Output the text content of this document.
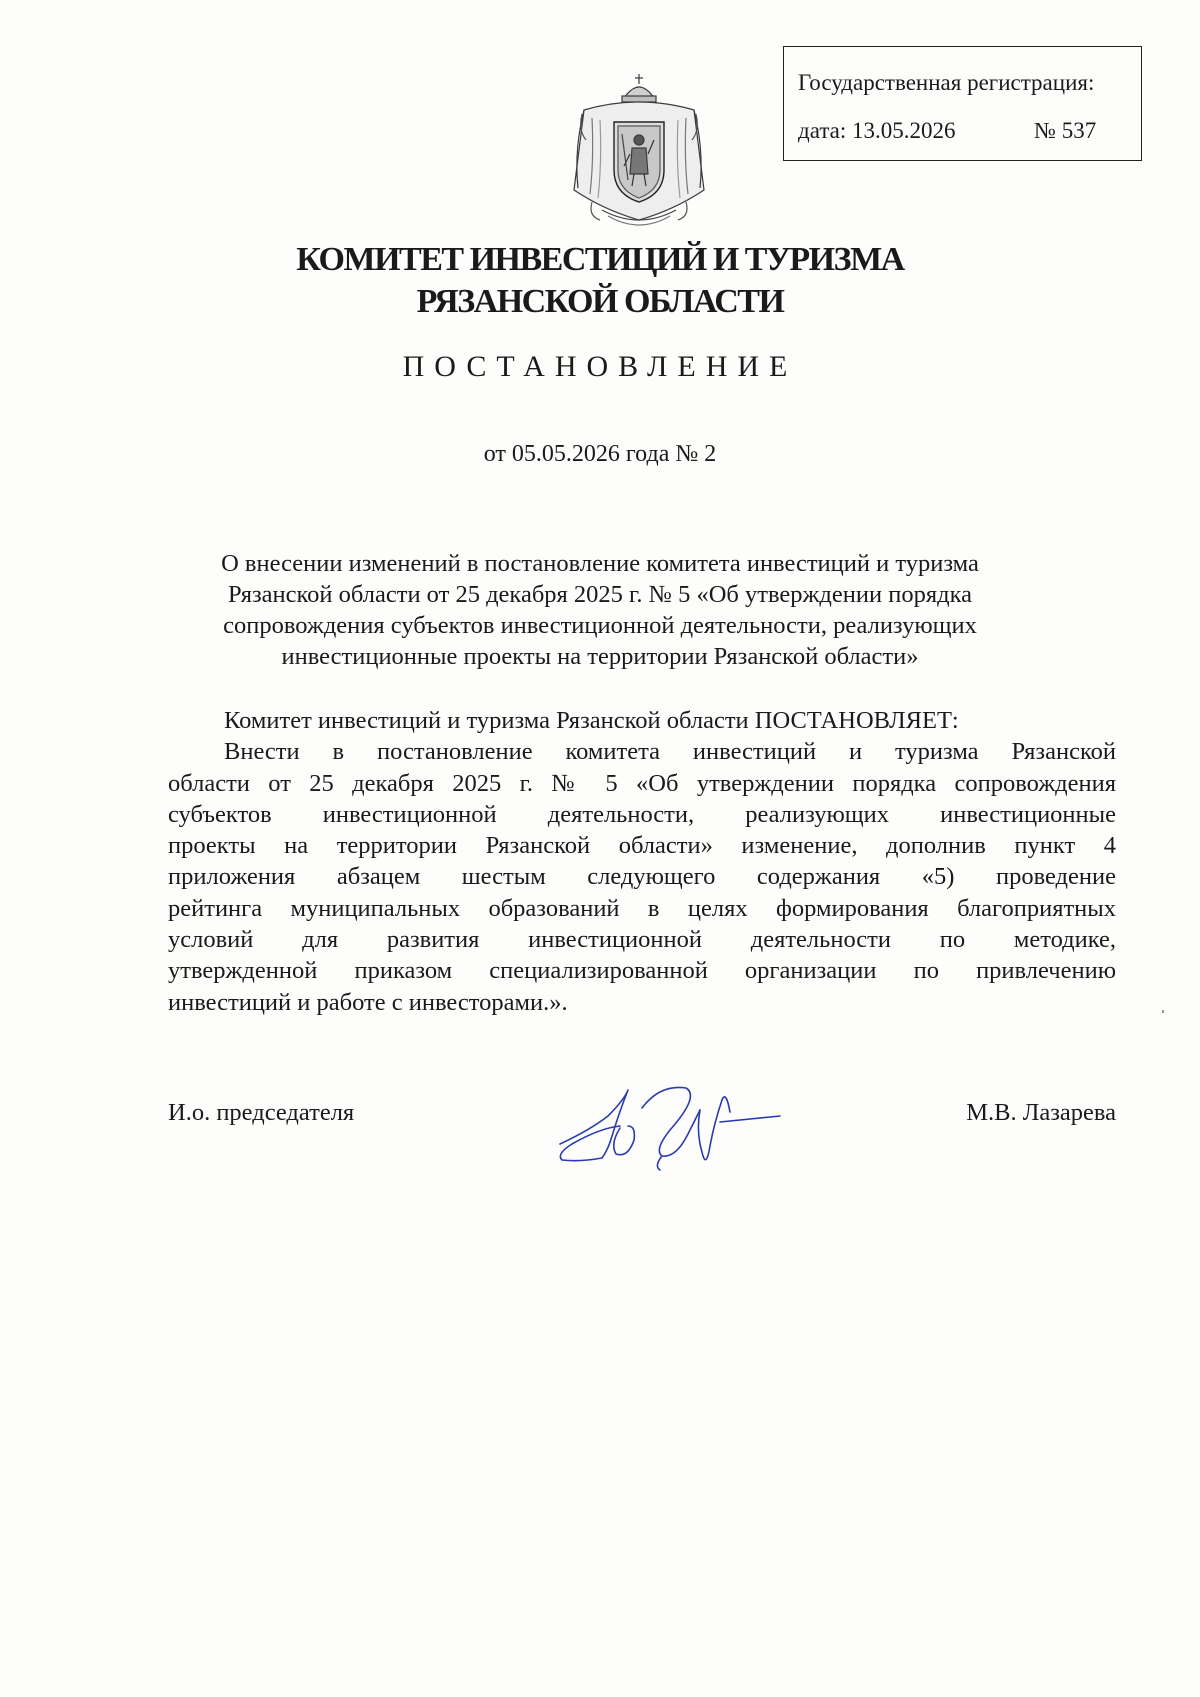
Государственная регистрация:
дата: 13.05.2026	№ 537
КОМИТЕТ ИНВЕСТИЦИЙ И ТУРИЗМА
РЯЗАНСКОЙ ОБЛАСТИ
ПОСТАНОВЛЕНИЕ
от 05.05.2026 года № 2
О внесении изменений в постановление комитета инвестиций и туризма
Рязанской области от 25 декабря 2025 г. № 5 «Об утверждении порядка
сопровождения субъектов инвестиционной деятельности, реализующих
инвестиционные проекты на территории Рязанской области»
Комитет инвестиций и туризма Рязанской области ПОСТАНОВЛЯЕТ:
Внести в постановление комитета инвестиций и туризма Рязанской
области от 25 декабря 2025 г. № 5 «Об утверждении порядка сопровождения
субъектов инвестиционной деятельности, реализующих инвестиционные
проекты на территории Рязанской области» изменение, дополнив пункт 4
приложения абзацем шестым следующего содержания «5) проведение
рейтинга муниципальных образований в целях формирования благоприятных
условий для развития инвестиционной деятельности по методике,
утвержденной приказом специализированной организации по привлечению
инвестиций и работе с инвесторами.».
И.о. председателя	М.В. Лазарева
